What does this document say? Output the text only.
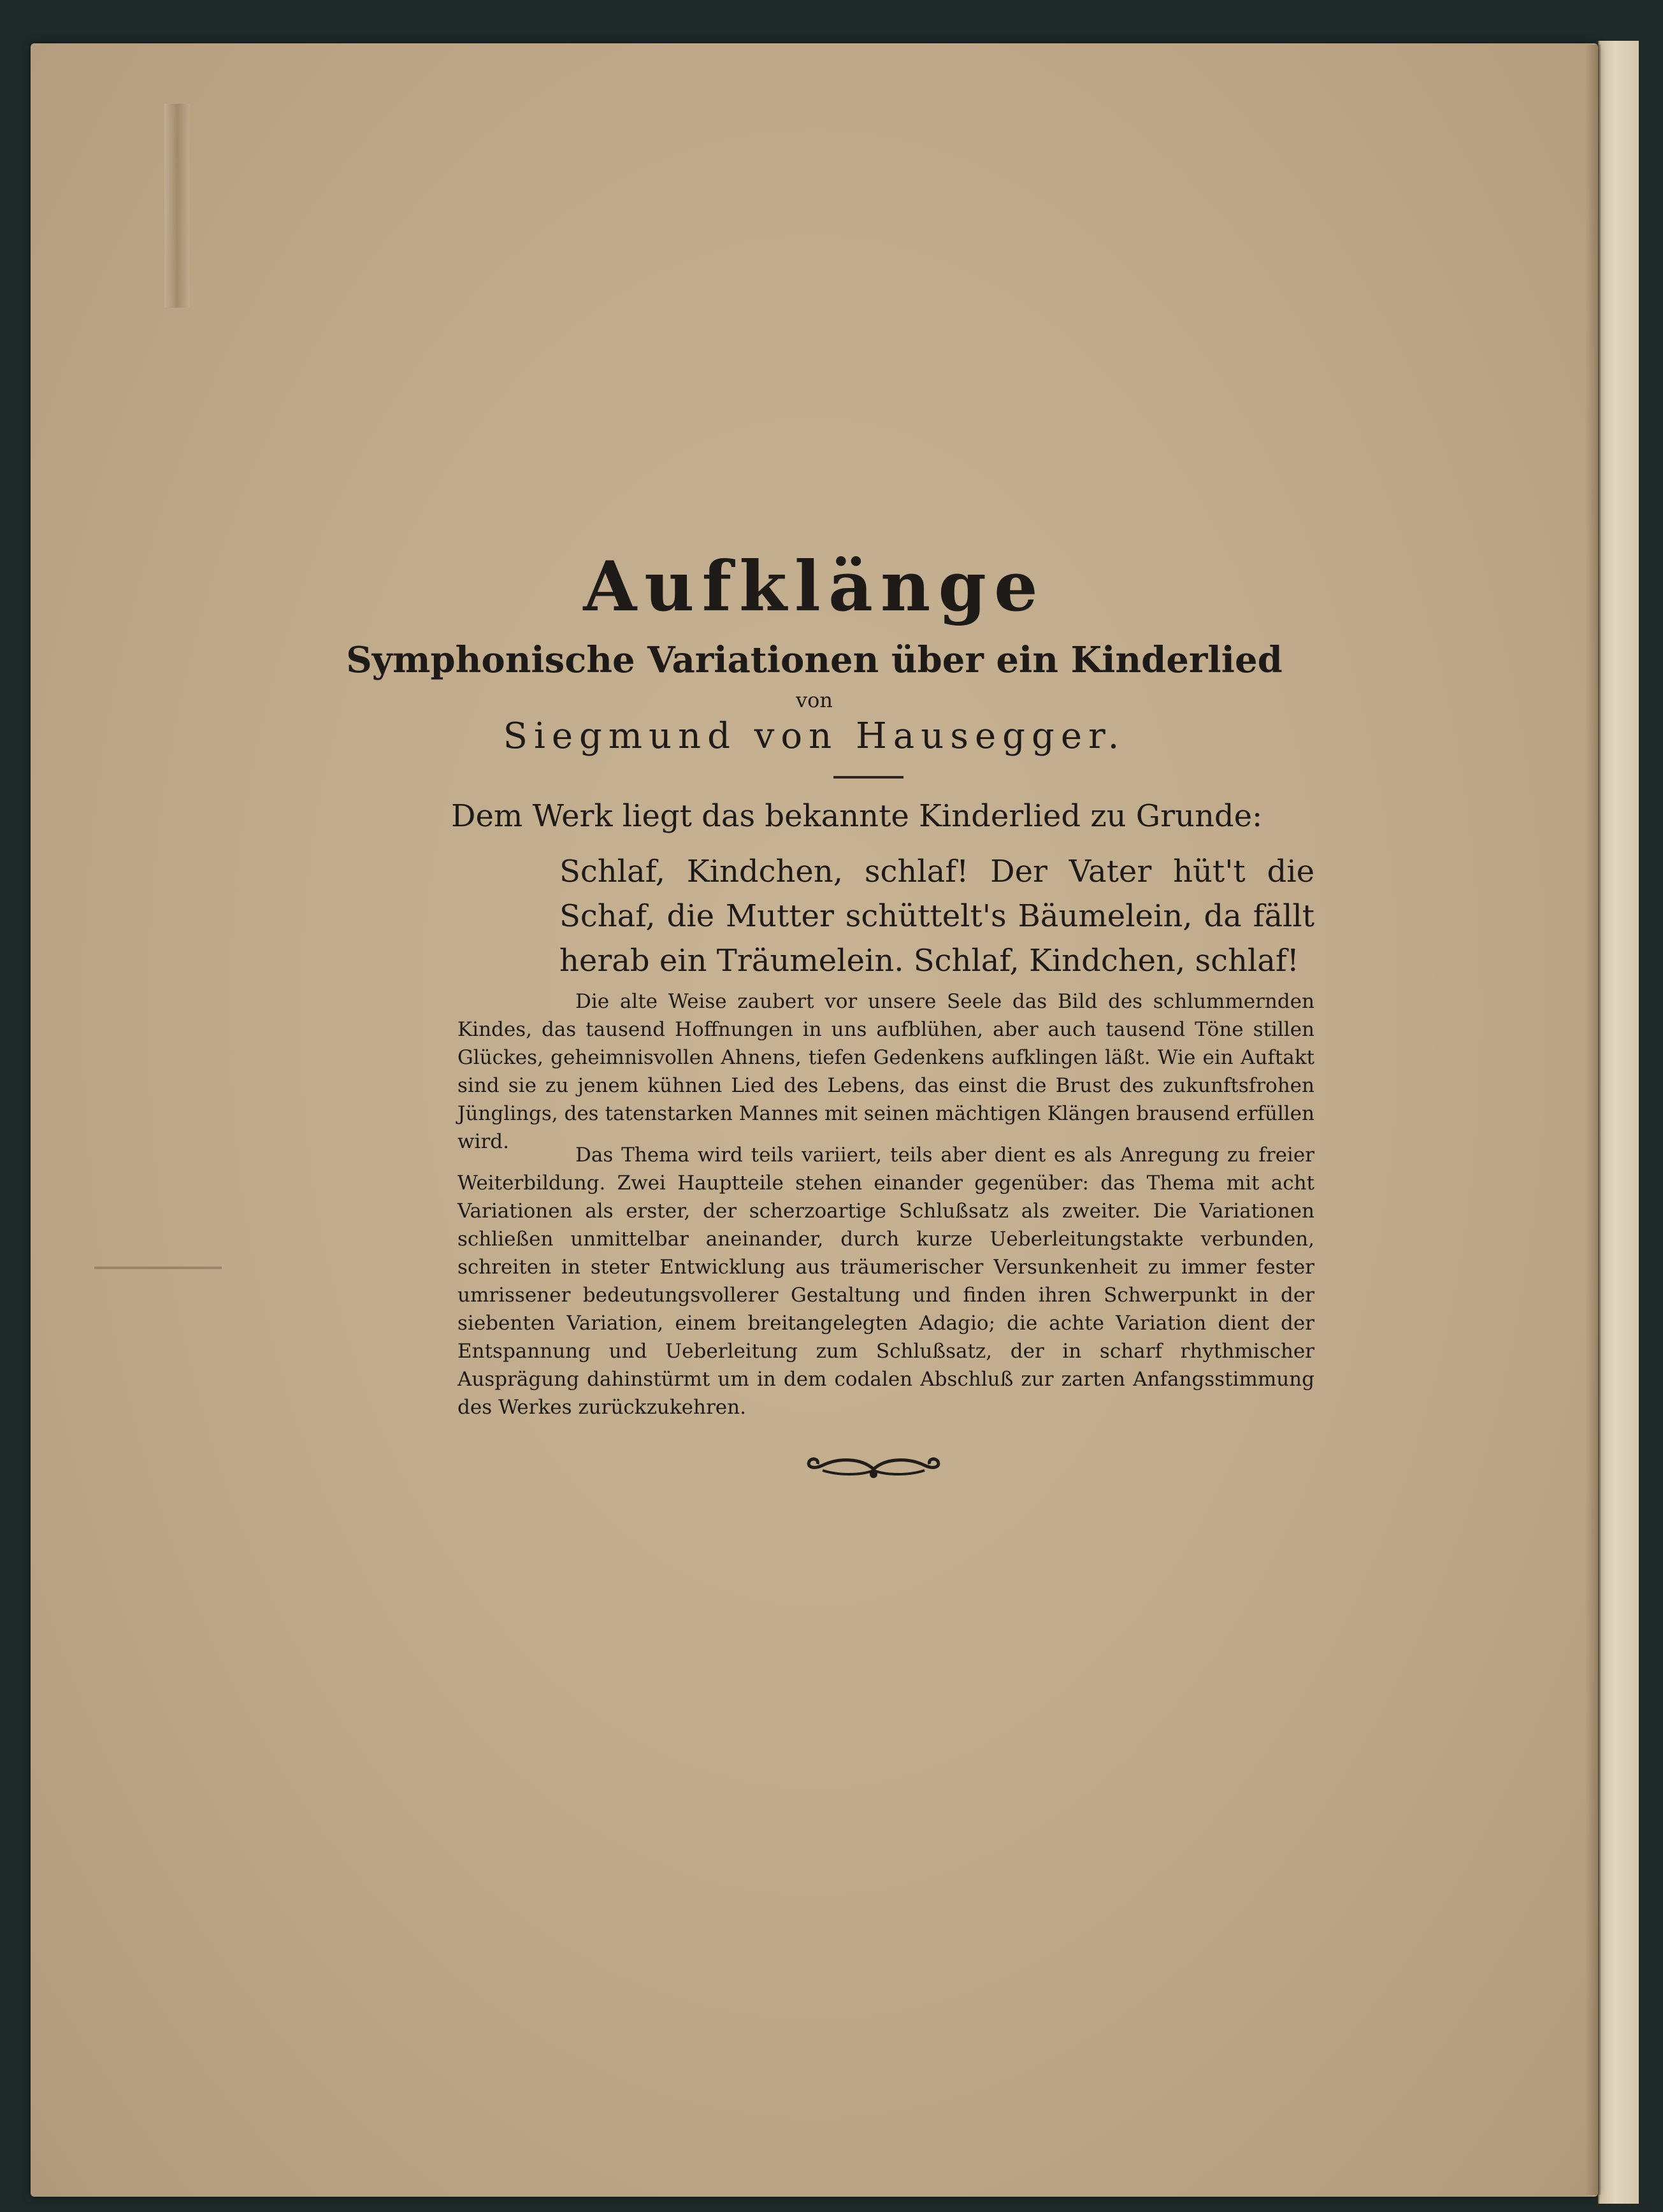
Aufklänge
Symphonische Variationen über ein Kinderlied
von
Siegmund von Hausegger.
Dem Werk liegt das bekannte Kinderlied zu Grunde:
Schlaf, Kindchen, schlaf! Der Vater hüt't die Schaf, die Mutter schüttelt's Bäumelein, da fällt herab ein Träumelein. Schlaf, Kindchen, schlaf!
Die alte Weise zaubert vor unsere Seele das Bild des schlummernden Kindes, das tausend Hoffnungen in uns aufblühen, aber auch tausend Töne stillen Glückes, geheimnisvollen Ahnens, tiefen Gedenkens aufklingen läßt. Wie ein Auftakt sind sie zu jenem kühnen Lied des Lebens, das einst die Brust des zukunftsfrohen Jünglings, des tatenstarken Mannes mit seinen mächtigen Klängen brausend erfüllen wird.
Das Thema wird teils variiert, teils aber dient es als Anregung zu freier Weiterbildung. Zwei Hauptteile stehen einander gegenüber: das Thema mit acht Variationen als erster, der scherzoartige Schlußsatz als zweiter. Die Variationen schließen unmittelbar aneinander, durch kurze Ueberleitungstakte verbunden, schreiten in steter Entwicklung aus träumerischer Versunkenheit zu immer fester umrissener bedeutungsvollerer Gestaltung und finden ihren Schwerpunkt in der siebenten Variation, einem breitangelegten Adagio; die achte Variation dient der Entspannung und Ueberleitung zum Schlußsatz, der in scharf rhythmischer Ausprägung dahinstürmt um in dem codalen Abschluß zur zarten Anfangsstimmung des Werkes zurückzukehren.
